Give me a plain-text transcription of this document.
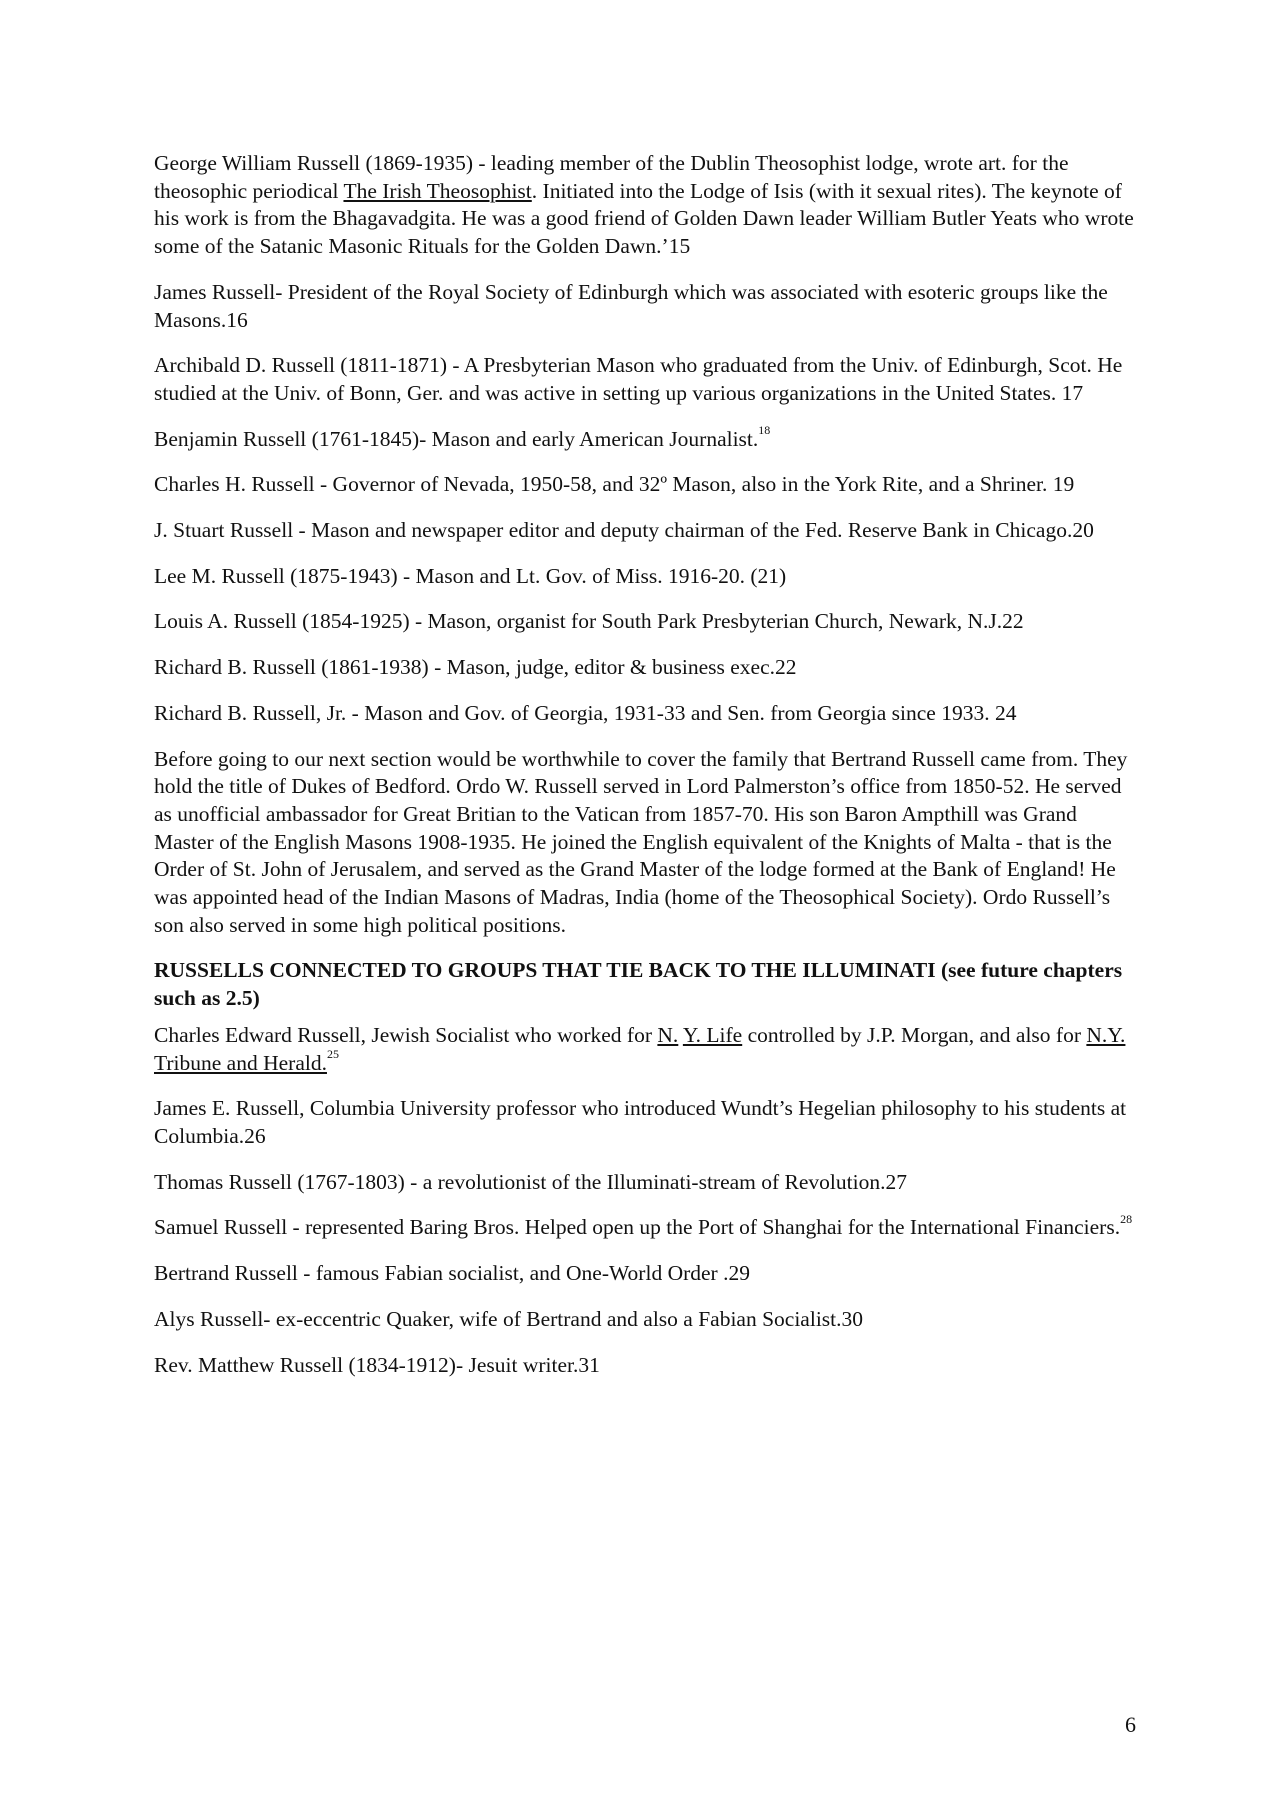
George William Russell (1869-1935) - leading member of the Dublin Theosophist lodge, wrote art. for the theosophic periodical The Irish Theosophist. Initiated into the Lodge of Isis (with it sexual rites). The keynote of his work is from the Bhagavadgita. He was a good friend of Golden Dawn leader William Butler Yeats who wrote some of the Satanic Masonic Rituals for the Golden Dawn.’15

James Russell- President of the Royal Society of Edinburgh which was associated with esoteric groups like the Masons.16

Archibald D. Russell (1811-1871) - A Presbyterian Mason who graduated from the Univ. of Edinburgh, Scot. He studied at the Univ. of Bonn, Ger. and was active in setting up various organizations in the United States. 17

Benjamin Russell (1761-1845)- Mason and early American Journalist.$^{18}$

Charles H. Russell - Governor of Nevada, 1950-58, and 32º Mason, also in the York Rite, and a Shriner. 19

J. Stuart Russell - Mason and newspaper editor and deputy chairman of the Fed. Reserve Bank in Chicago.20

Lee M. Russell (1875-1943) - Mason and Lt. Gov. of Miss. 1916-20. (21)

Louis A. Russell (1854-1925) - Mason, organist for South Park Presbyterian Church, Newark, N.J.22

Richard B. Russell (1861-1938) - Mason, judge, editor & business exec.22

Richard B. Russell, Jr. - Mason and Gov. of Georgia, 1931-33 and Sen. from Georgia since 1933. 24

Before going to our next section would be worthwhile to cover the family that Bertrand Russell came from. They hold the title of Dukes of Bedford. Ordo W. Russell served in Lord Palmerston’s office from 1850-52. He served as unofficial ambassador for Great Britian to the Vatican from 1857-70. His son Baron Ampthill was Grand Master of the English Masons 1908-1935. He joined the English equivalent of the Knights of Malta - that is the Order of St. John of Jerusalem, and served as the Grand Master of the lodge formed at the Bank of England! He was appointed head of the Indian Masons of Madras, India (home of the Theosophical Society). Ordo Russell’s son also served in some high political positions.

RUSSELLS CONNECTED TO GROUPS THAT TIE BACK TO THE ILLUMINATI (see future chapters such as 2.5)

Charles Edward Russell, Jewish Socialist who worked for N. Y. Life controlled by J.P. Morgan, and also for N.Y. Tribune and Herald.$^{25}$

James E. Russell, Columbia University professor who introduced Wundt’s Hegelian philosophy to his students at Columbia.26

Thomas Russell (1767-1803) - a revolutionist of the Illuminati-stream of Revolution.27

Samuel Russell - represented Baring Bros. Helped open up the Port of Shanghai for the International Financiers.$^{28}$

Bertrand Russell - famous Fabian socialist, and One-World Order .29

Alys Russell- ex-eccentric Quaker, wife of Bertrand and also a Fabian Socialist.30

Rev. Matthew Russell (1834-1912)- Jesuit writer.31

6
